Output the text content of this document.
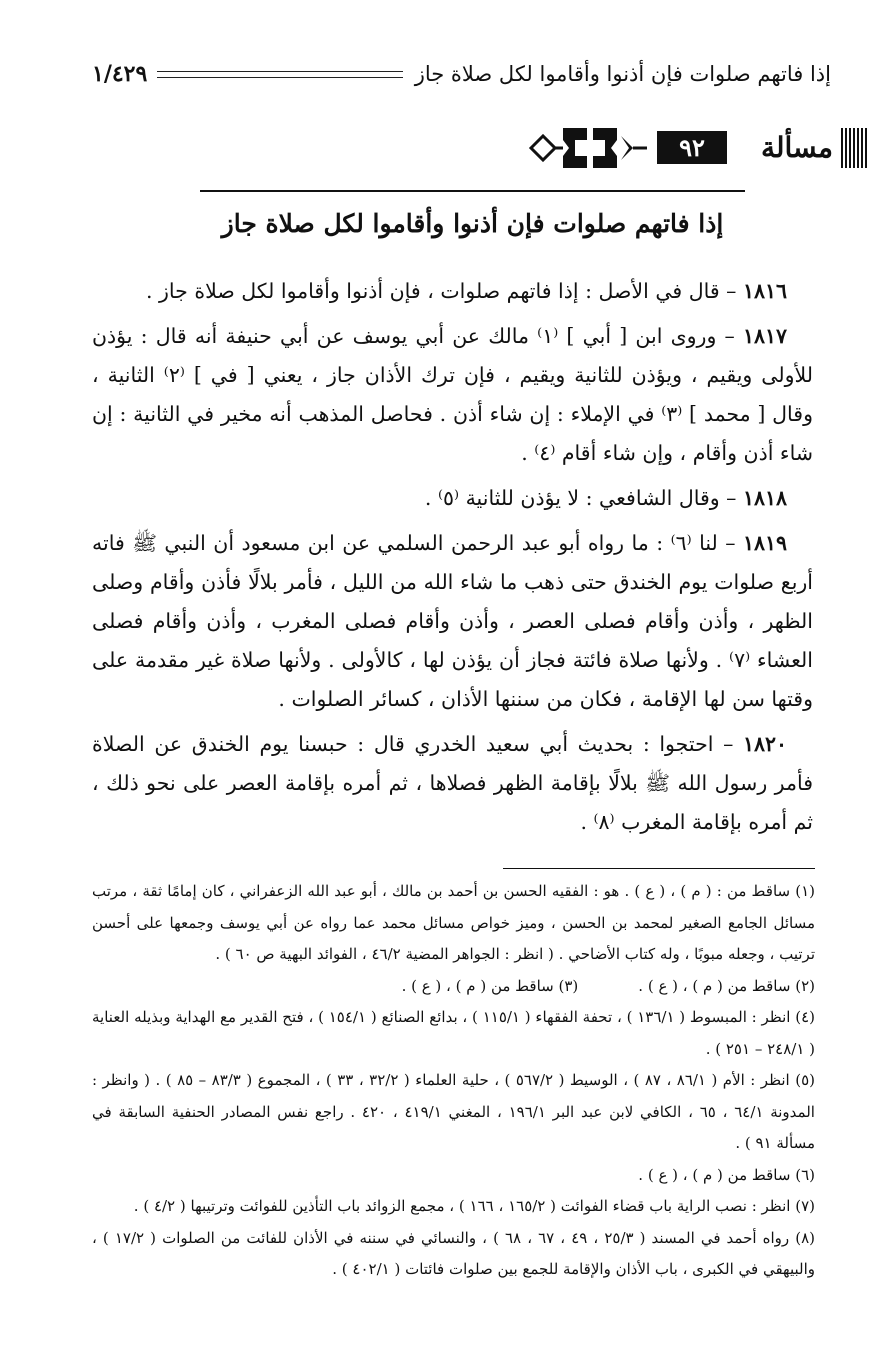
إذا فاتهم صلوات فإن أذنوا وأقاموا لكل صلاة جاز
١/٤٢٩
مسألة
٩٢
إذا فاتهم صلوات فإن أذنوا وأقاموا لكل صلاة جاز

١٨١٦ – قال في الأصل : إذا فاتهم صلوات ، فإن أذنوا وأقاموا لكل صلاة جاز .

١٨١٧ – وروى ابن [ أبي ] ⁽١⁾ مالك عن أبي يوسف عن أبي حنيفة أنه قال : يؤذن للأولى ويقيم ، ويؤذن للثانية ويقيم ، فإن ترك الأذان جاز ، يعني [ في ] ⁽٢⁾ الثانية ، وقال [ محمد ] ⁽٣⁾ في الإملاء : إن شاء أذن . فحاصل المذهب أنه مخير في الثانية : إن شاء أذن وأقام ، وإن شاء أقام ⁽٤⁾ .

١٨١٨ – وقال الشافعي : لا يؤذن للثانية ⁽٥⁾ .

١٨١٩ – لنا ⁽٦⁾ : ما رواه أبو عبد الرحمن السلمي عن ابن مسعود أن النبي ﷺ فاته أربع صلوات يوم الخندق حتى ذهب ما شاء الله من الليل ، فأمر بلالًا فأذن وأقام وصلى الظهر ، وأذن وأقام فصلى العصر ، وأذن وأقام فصلى المغرب ، وأذن وأقام فصلى العشاء ⁽٧⁾ . ولأنها صلاة فائتة فجاز أن يؤذن لها ، كالأولى . ولأنها صلاة غير مقدمة على وقتها سن لها الإقامة ، فكان من سننها الأذان ، كسائر الصلوات .

١٨٢٠ – احتجوا : بحديث أبي سعيد الخدري قال : حبسنا يوم الخندق عن الصلاة فأمر رسول الله ﷺ بلالًا بإقامة الظهر فصلاها ، ثم أمره بإقامة العصر على نحو ذلك ، ثم أمره بإقامة المغرب ⁽٨⁾ .

(١) ساقط من : ( م ) ، ( ع ) . هو : الفقيه الحسن بن أحمد بن مالك ، أبو عبد الله الزعفراني ، كان إمامًا ثقة ، مرتب مسائل الجامع الصغير لمحمد بن الحسن ، وميز خواص مسائل محمد عما رواه عن أبي يوسف وجمعها على أحسن ترتيب ، وجعله مبوبًا ، وله كتاب الأضاحي . ( انظر : الجواهر المضية ٤٦/٢ ، الفوائد البهية ص ٦٠ ) .

(٢) ساقط من ( م ) ، ( ع ) .
(٣) ساقط من ( م ) ، ( ع ) .

(٤) انظر : المبسوط ( ١٣٦/١ ) ، تحفة الفقهاء ( ١١٥/١ ) ، بدائع الصنائع ( ١٥٤/١ ) ، فتح القدير مع الهداية وبذيله العناية ( ٢٤٨/١ – ٢٥١ ) .

(٥) انظر : الأم ( ٨٦/١ ، ٨٧ ) ، الوسيط ( ٥٦٧/٢ ) ، حلية العلماء ( ٣٢/٢ ، ٣٣ ) ، المجموع ( ٨٣/٣ – ٨٥ ) . ( وانظر : المدونة ٦٤/١ ، ٦٥ ، الكافي لابن عبد البر ١٩٦/١ ، المغني ٤١٩/١ ، ٤٢٠ . راجع نفس المصادر الحنفية السابقة في مسألة ٩١ ) .

(٦) ساقط من ( م ) ، ( ع ) .

(٧) انظر : نصب الراية باب قضاء الفوائت ( ١٦٥/٢ ، ١٦٦ ) ، مجمع الزوائد باب التأذين للفوائت وترتيبها ( ٤/٢ ) .

(٨) رواه أحمد في المسند ( ٢٥/٣ ، ٤٩ ، ٦٧ ، ٦٨ ) ، والنسائي في سننه في الأذان للفائت من الصلوات ( ١٧/٢ ) ، والبيهقي في الكبرى ، باب الأذان والإقامة للجمع بين صلوات فائتات ( ٤٠٢/١ ) .
